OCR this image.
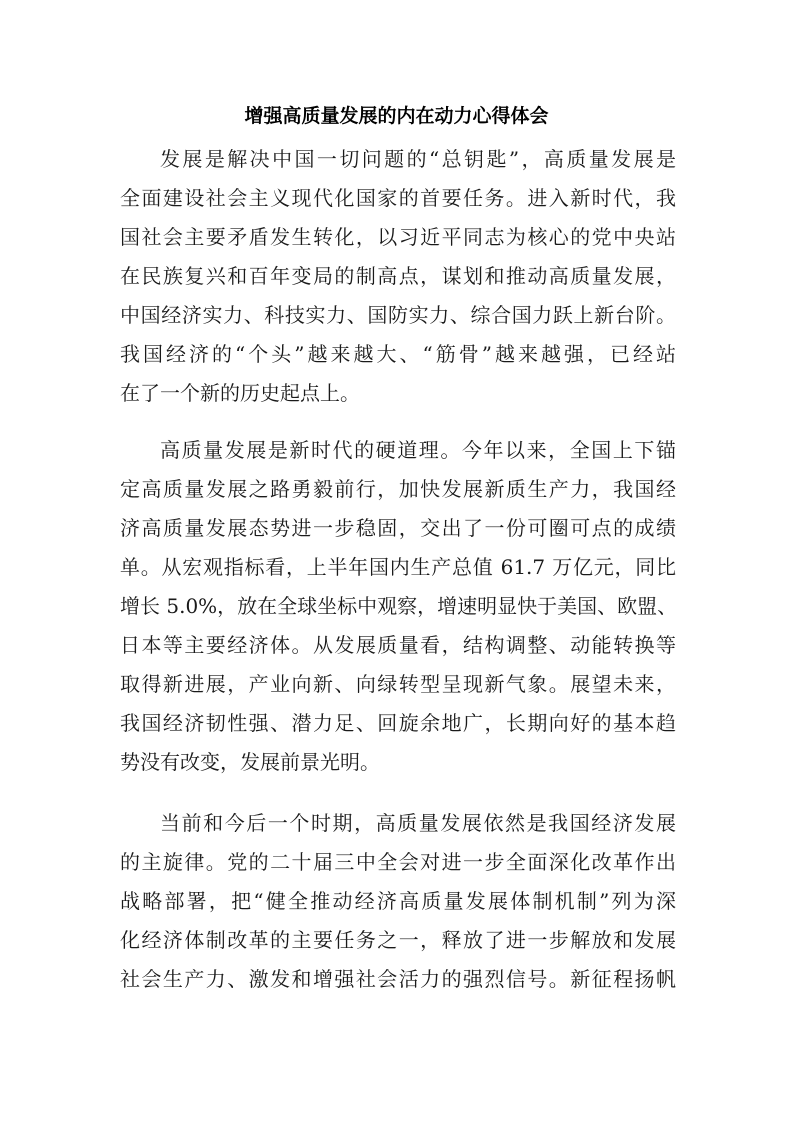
增强高质量发展的内在动力心得体会

发展是解决中国一切问题的“总钥匙”，高质量发展是
全面建设社会主义现代化国家的首要任务。进入新时代，我
国社会主要矛盾发生转化，以习近平同志为核心的党中央站
在民族复兴和百年变局的制高点，谋划和推动高质量发展，
中国经济实力、科技实力、国防实力、综合国力跃上新台阶。
我国经济的“个头”越来越大、“筋骨”越来越强，已经站
在了一个新的历史起点上。

高质量发展是新时代的硬道理。今年以来，全国上下锚
定高质量发展之路勇毅前行，加快发展新质生产力，我国经
济高质量发展态势进一步稳固，交出了一份可圈可点的成绩
单。从宏观指标看，上半年国内生产总值 61.7 万亿元，同比
增长 5.0%，放在全球坐标中观察，增速明显快于美国、欧盟、
日本等主要经济体。从发展质量看，结构调整、动能转换等
取得新进展，产业向新、向绿转型呈现新气象。展望未来，
我国经济韧性强、潜力足、回旋余地广，长期向好的基本趋
势没有改变，发展前景光明。

当前和今后一个时期，高质量发展依然是我国经济发展
的主旋律。党的二十届三中全会对进一步全面深化改革作出
战略部署，把“健全推动经济高质量发展体制机制”列为深
化经济体制改革的主要任务之一，释放了进一步解放和发展
社会生产力、激发和增强社会活力的强烈信号。新征程扬帆
